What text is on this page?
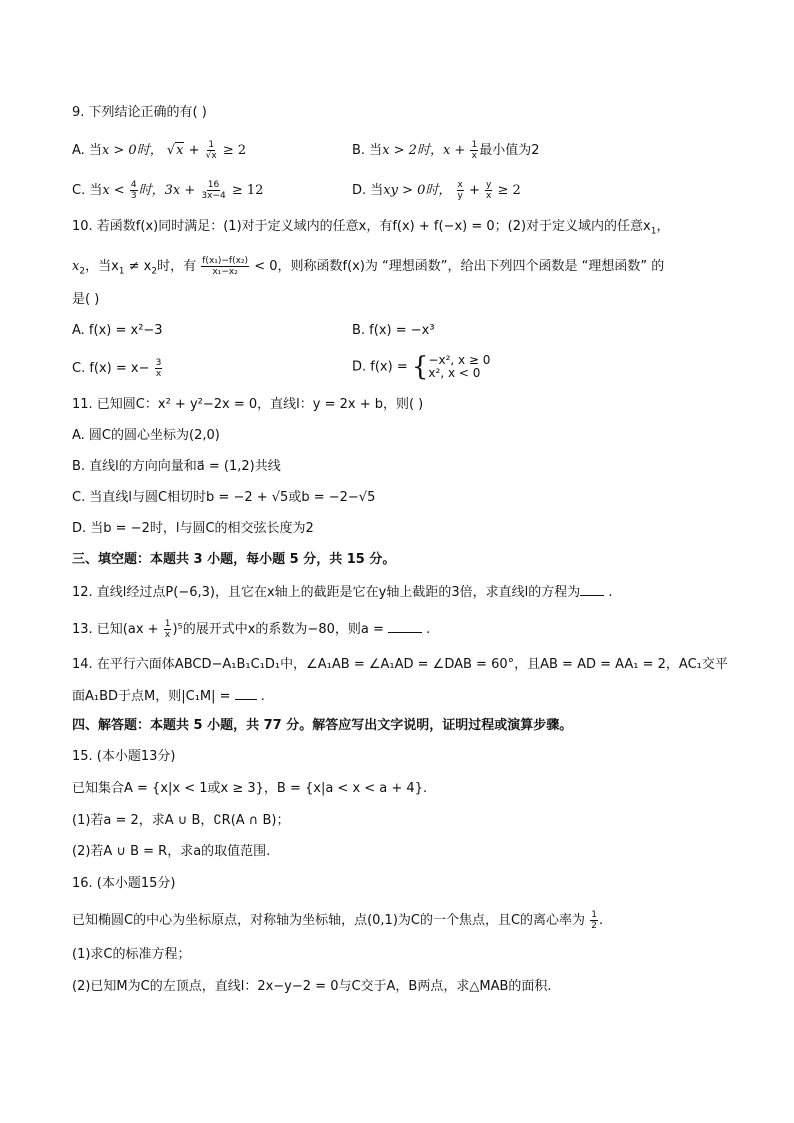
9. 下列结论正确的有( )
A. 当x > 0时， $√x + \frac{1}{√x} \ge 2$	B. 当x > 2时，$x + \frac{1}{x}$ 最小值为2
C. 当$x < \frac{4}{3}$ 时，$3x + \frac{16}{3x-4} \ge 12$	D. 当xy > 0时， $\frac{x}{y} + \frac{y}{x} \ge 2$
10. 若函数f(x)同时满足：(1)对于定义域内的任意x，有f(x) + f(−x) = 0；(2)对于定义域内的任意$x_1$，
$x_2$，当$x_1 \ne x_2$时，有 $\frac{\text{f(x₁)−f(x₂)}}{\text{x₁−x₂}} < 0$，则称函数f(x)为 “理想函数”，给出下列四个函数是 “理想函数” 的
是( )
A. f(x) = x²−3	B. f(x) = −x³
C. $f(x) = x- \frac{3}{x}$	D. f(x) = { −x², x ≥ 0
x², x < 0
11. 已知圆C：x² + y²−2x = 0，直线l：y = 2x + b，则( )
A. 圆C的圆心坐标为(2,0)
B. 直线l的方向向量和a⃗ = (1,2)共线
C. 当直线l与圆C相切时b = −2 + √5或b = −2−√5
D. 当b = −2时，l与圆C的相交弦长度为2
三、填空题：本题共 3 小题，每小题 5 分，共 15 分。
12. 直线l经过点P(−6,3)，且它在x轴上的截距是它在y轴上截距的3倍，求直线l的方程为 .
13. 已知$(ax + \frac{1}{x} )^5$的展开式中x的系数为−80，则a =	.
14. 在平行六面体ABCD−A₁B₁C₁D₁中，∠A₁AB = ∠A₁AD = ∠DAB = 60°，且AB = AD = AA₁ = 2，AC₁交平
面A₁BD于点M，则|C₁M| =  .
四、解答题：本题共 5 小题，共 77 分。解答应写出文字说明，证明过程或演算步骤。
15. (本小题13分)
已知集合A = {x|x < 1或x ≥ 3}，B = {x|a < x < a + 4}.
(1)若a = 2，求A ∪ B，∁R(A ∩ B)；
(2)若A ∪ B = R，求a的取值范围.
16. (本小题15分)
已知椭圆C的中心为坐标原点，对称轴为坐标轴，点(0,1)为C的一个焦点，且C的离心率为 $\frac{1}{2}$ .
(1)求C的标准方程；
(2)已知M为C的左顶点，直线l：2x−y−2 = 0与C交于A，B两点，求△MAB的面积.
